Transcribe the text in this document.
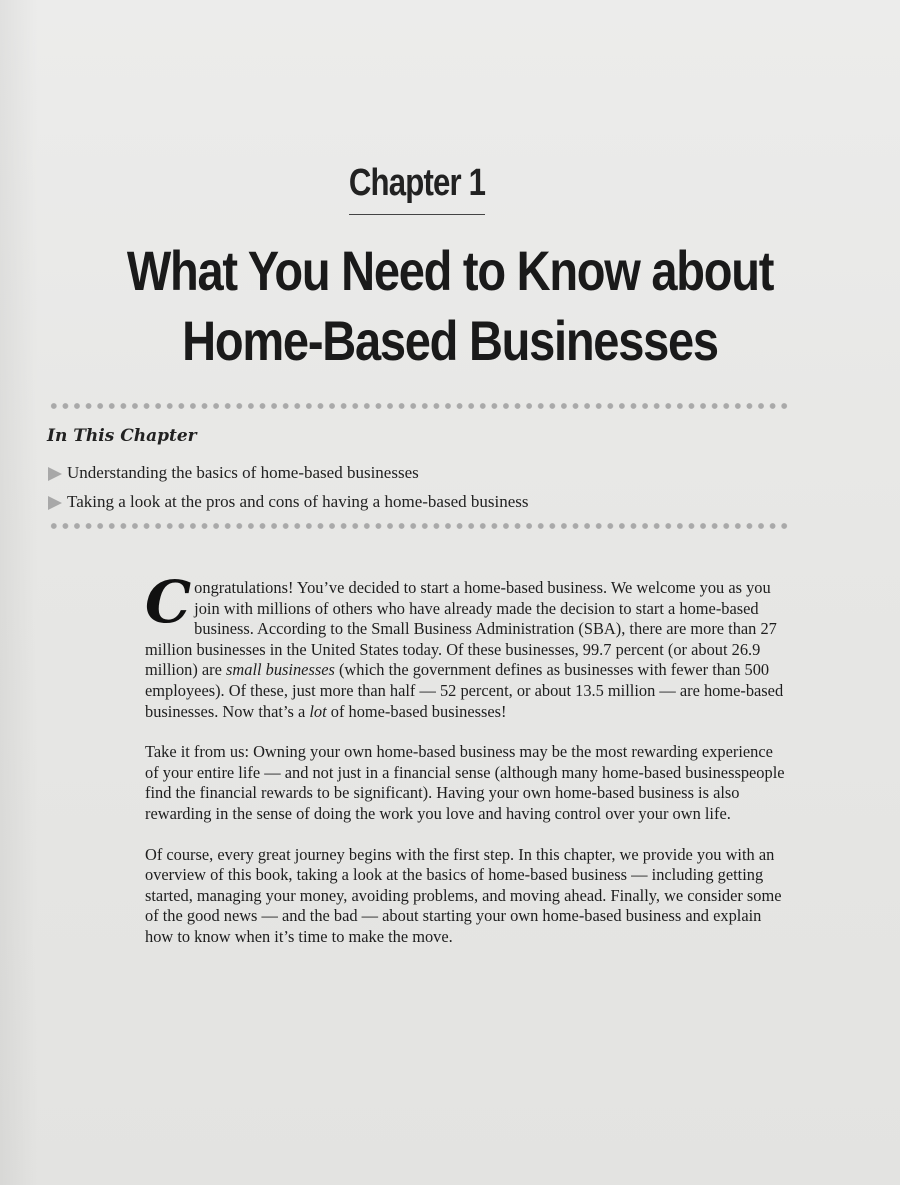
Chapter 1
What You Need to Know about
Home-Based Businesses
In This Chapter
Understanding the basics of home-based businesses
Taking a look at the pros and cons of having a home-based business

Congratulations! You’ve decided to start a home-based business. We welcome you as you join with millions of others who have already made the decision to start a home-based business. According to the Small Business Administration (SBA), there are more than 27 million businesses in the United States today. Of these businesses, 99.7 percent (or about 26.9 million) are small businesses (which the government defines as businesses with fewer than 500 employees). Of these, just more than half — 52 percent, or about 13.5 million — are home-based businesses. Now that’s a lot of home-based businesses!

Take it from us: Owning your own home-based business may be the most rewarding experience of your entire life — and not just in a financial sense (although many home-based businesspeople find the financial rewards to be significant). Having your own home-based business is also rewarding in the sense of doing the work you love and having control over your own life.

Of course, every great journey begins with the first step. In this chapter, we provide you with an overview of this book, taking a look at the basics of home-based business — including getting started, managing your money, avoiding problems, and moving ahead. Finally, we consider some of the good news — and the bad — about starting your own home-based business and explain how to know when it’s time to make the move.
